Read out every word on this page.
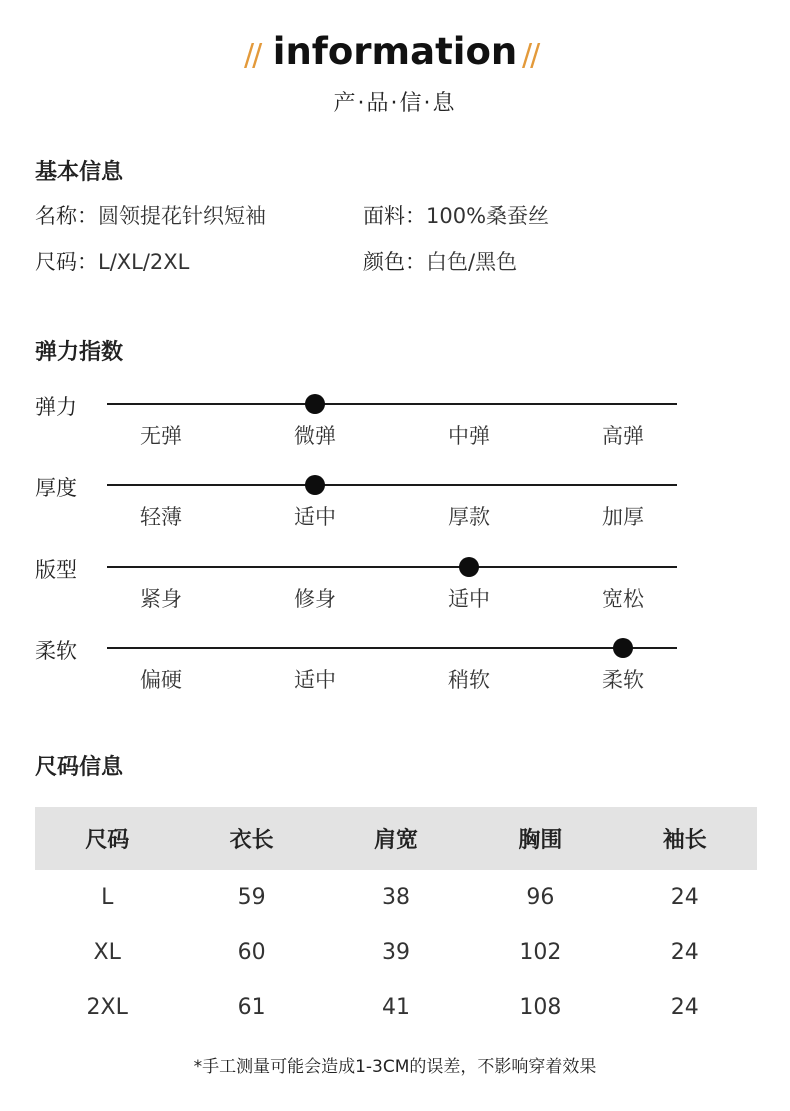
// information //
产·品·信·息
基本信息
名称：圆领提花针织短袖	面料：100%桑蚕丝
尺码：L/XL/2XL	颜色：白色/黑色
弹力指数
弹力
无弹	微弹	中弹	高弹
厚度
轻薄	适中	厚款	加厚
版型
紧身	修身	适中	宽松
柔软
偏硬	适中	稍软	柔软
尺码信息
尺码	衣长	肩宽	胸围	袖长
L	59	38	96	24
XL	60	39	102	24
2XL	61	41	108	24
*手工测量可能会造成1-3CM的误差，不影响穿着效果
